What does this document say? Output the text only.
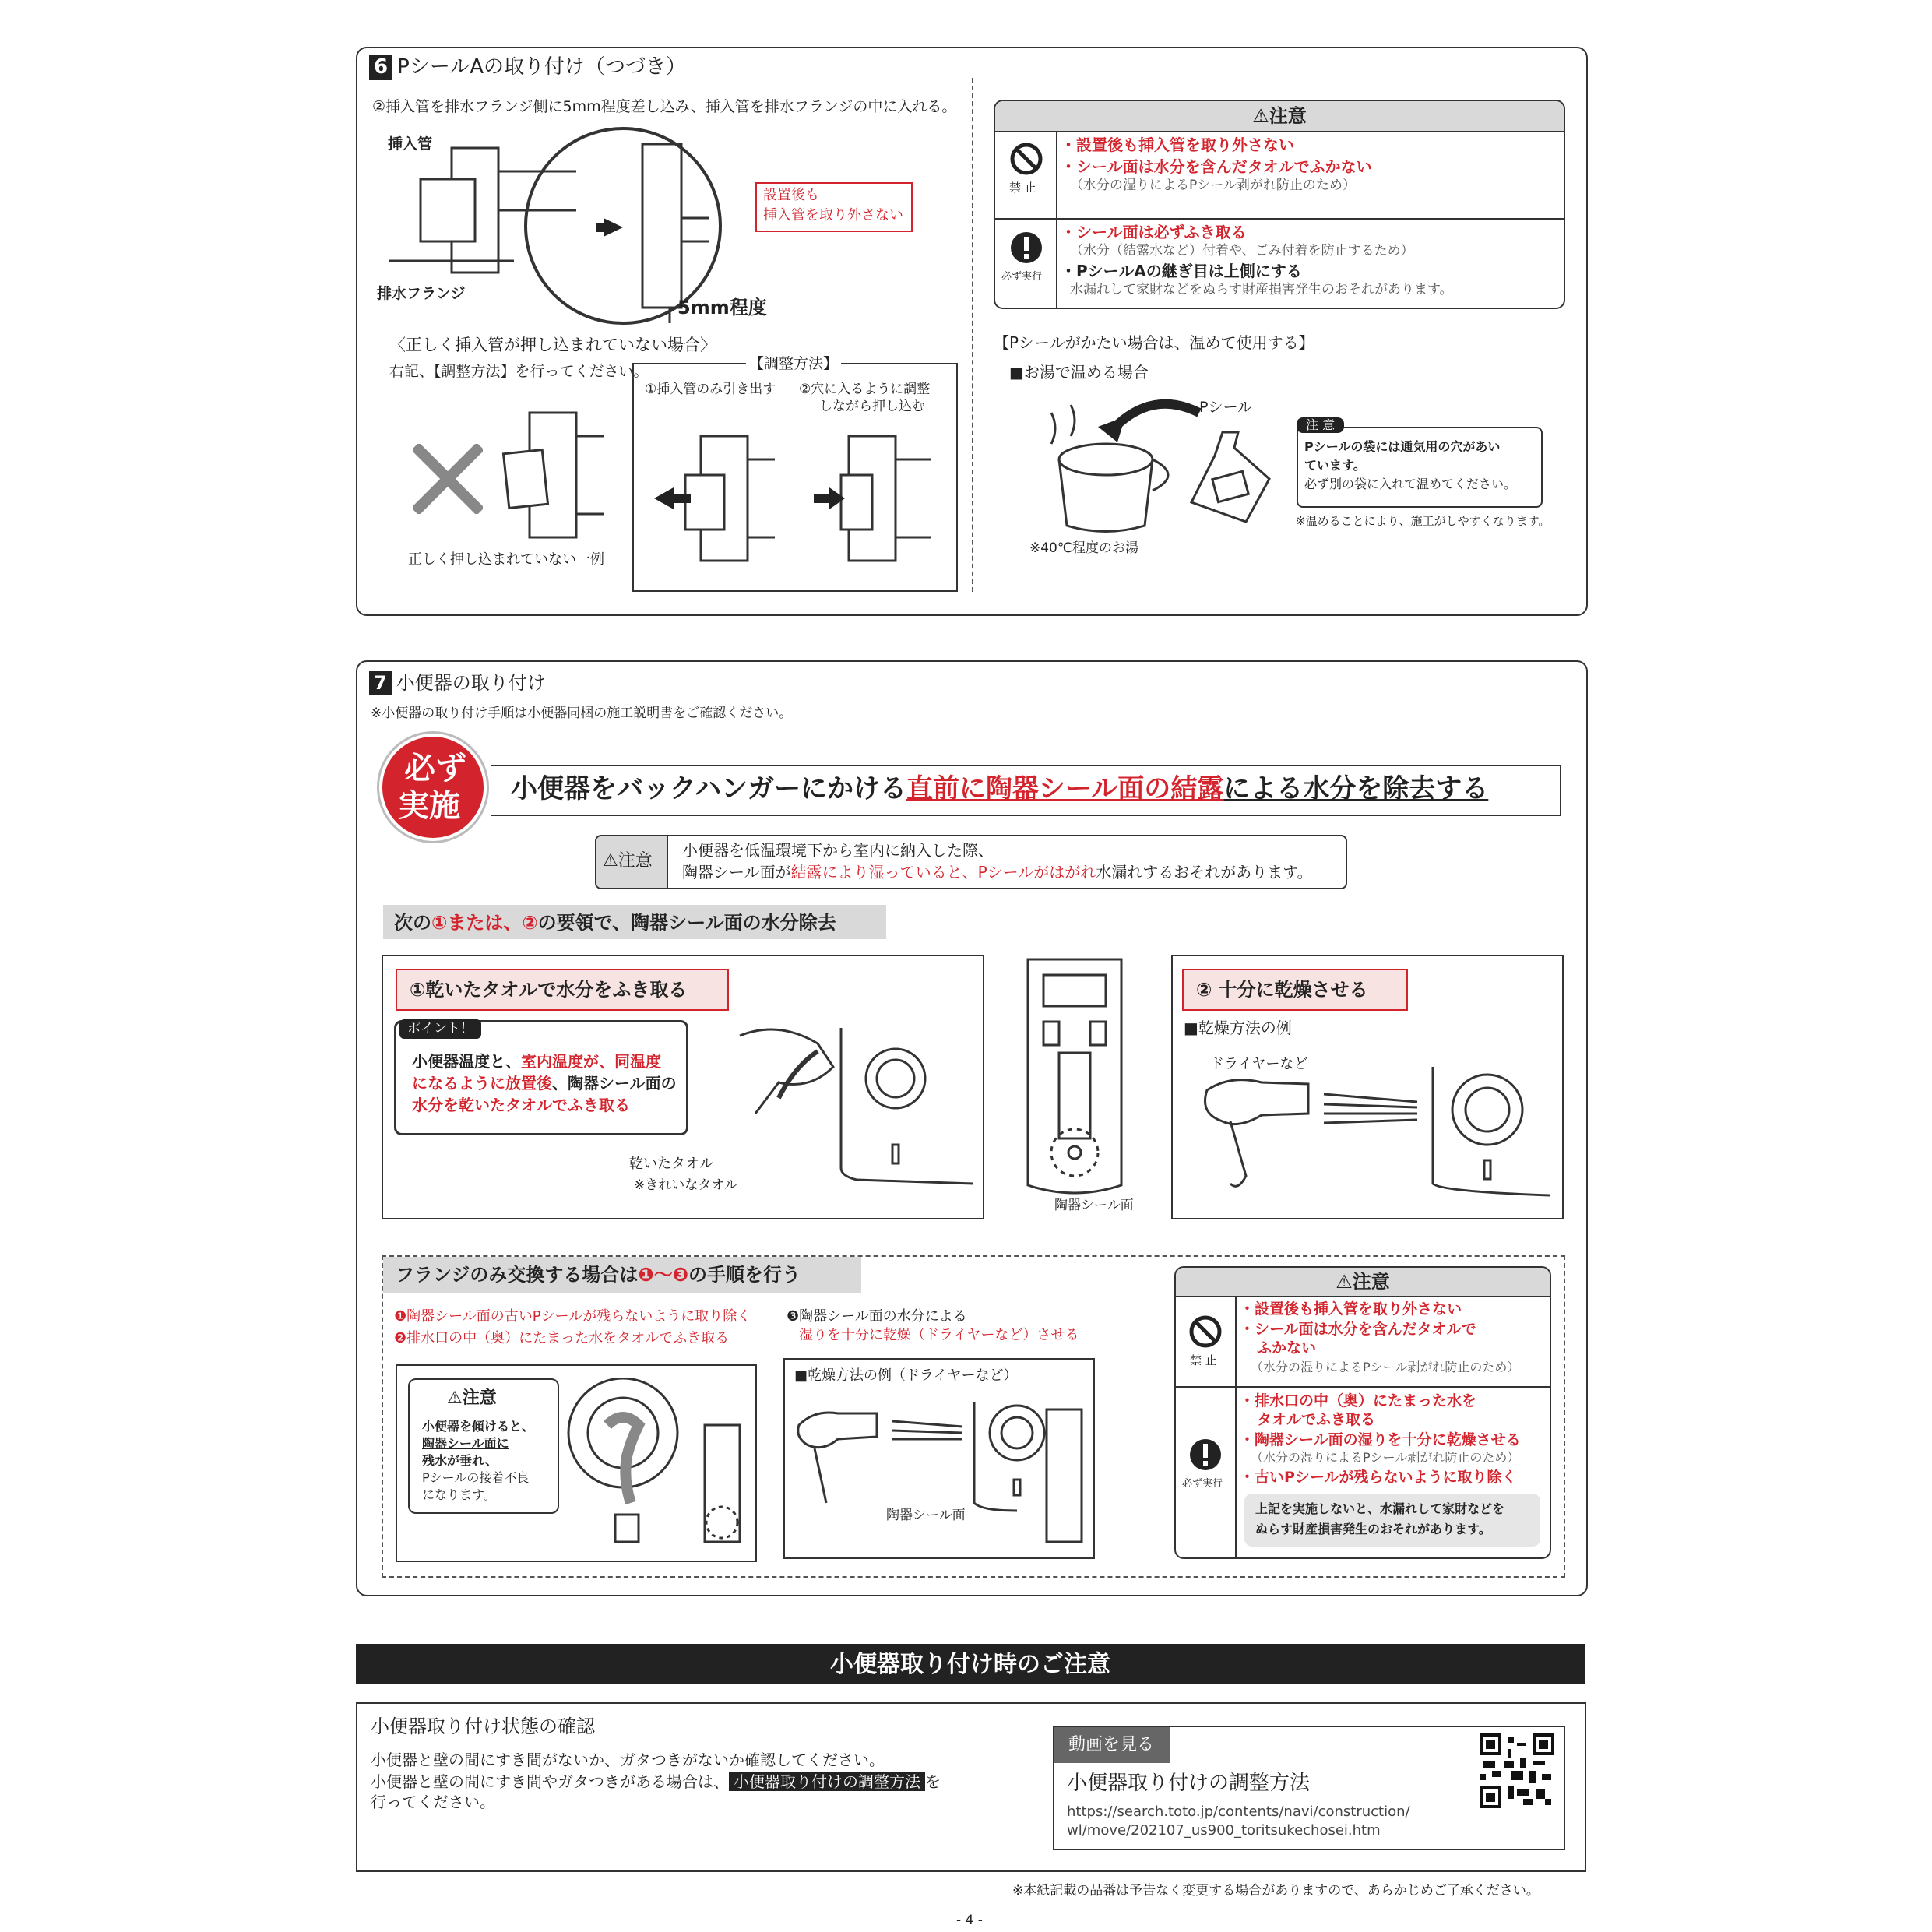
6 PシールAの取り付け（つづき）
②挿入管を排水フランジ側に5mm程度差し込み、挿入管を排水フランジの中に入れる。
挿入管
排水フランジ
5mm程度
設置後も
挿入管を取り外さない
〈正しく挿入管が押し込まれていない場合〉
右記、【調整方法】を行ってください。
正しく押し込まれていない一例
【調整方法】
①挿入管のみ引き出す ②穴に入るように調整
しながら押し込む
⚠注意
禁 止
・設置後も挿入管を取り外さない
・シール面は水分を含んだタオルでふかない
（水分の湿りによるPシール剥がれ防止のため）
必ず実行
・シール面は必ずふき取る
（水分（結露水など）付着や、ごみ付着を防止するため）
・PシールAの継ぎ目は上側にする
水漏れして家財などをぬらす財産損害発生のおそれがあります。
【Pシールがかたい場合は、温めて使用する】
■お湯で温める場合
Pシール
※40℃程度のお湯
注 意
Pシールの袋には通気用の穴があい
ています。
必ず別の袋に入れて温めてください。
※温めることにより、施工がしやすくなります。
7 小便器の取り付け
※小便器の取り付け手順は小便器同梱の施工説明書をご確認ください。
必ず
実施 小便器をバックハンガーにかける直前に陶器シール面の結露による水分を除去する
⚠注意
小便器を低温環境下から室内に納入した際、
陶器シール面が結露により湿っていると、Pシールがはがれ水漏れするおそれがあります。
次の①または、②の要領で、陶器シール面の水分除去
①乾いたタオルで水分をふき取る
ポイント！
小便器温度と、室内温度が、同温度
になるように放置後、陶器シール面の
水分を乾いたタオルでふき取る
乾いたタオル
※きれいなタオル
陶器シール面
② 十分に乾燥させる
■乾燥方法の例
ドライヤーなど
フランジのみ交換する場合は❶〜❸の手順を行う
❶陶器シール面の古いPシールが残らないように取り除く
❷排水口の中（奥）にたまった水をタオルでふき取る
❸陶器シール面の水分による
湿りを十分に乾燥（ドライヤーなど）させる
⚠注意
小便器を傾けると、
陶器シール面に
残水が垂れ、
Pシールの接着不良
になります。
■乾燥方法の例（ドライヤーなど）
陶器シール面
⚠注意
禁 止
・設置後も挿入管を取り外さない
・シール面は水分を含んだタオルで
ふかない
（水分の湿りによるPシール剥がれ防止のため）
必ず実行
・排水口の中（奥）にたまった水を
タオルでふき取る
・陶器シール面の湿りを十分に乾燥させる
（水分の湿りによるPシール剥がれ防止のため）
・古いPシールが残らないように取り除く
上記を実施しないと、水漏れして家財などを
ぬらす財産損害発生のおそれがあります。
小便器取り付け時のご注意
小便器取り付け状態の確認
小便器と壁の間にすき間がないか、ガタつきがないか確認してください。
小便器と壁の間にすき間やガタつきがある場合は、 小便器取り付けの調整方法 を
行ってください。
動画を見る
小便器取り付けの調整方法
https://search.toto.jp/contents/navi/construction/
wl/move/202107_us900_toritsukechosei.htm
※本紙記載の品番は予告なく変更する場合がありますので、あらかじめご了承ください。
- 4 -
